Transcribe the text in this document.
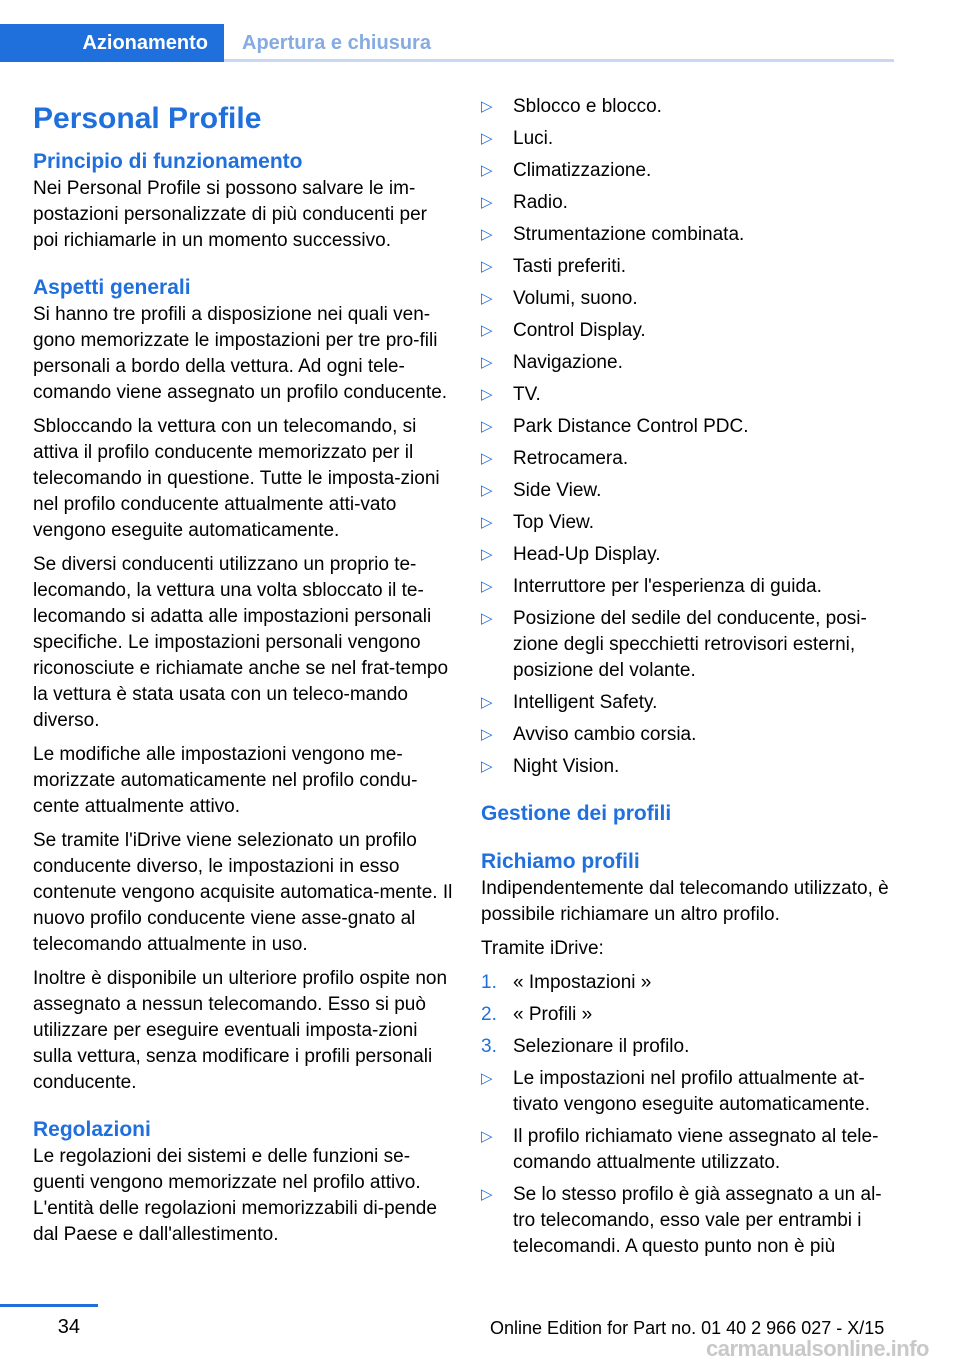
Azionamento	Apertura e chiusura
Personal Profile
Principio di funzionamento

Nei Personal Profile si possono salvare le im-postazioni personalizzate di più conducenti per poi richiamarle in un momento successivo.

Aspetti generali

Si hanno tre profili a disposizione nei quali ven-gono memorizzate le impostazioni per tre pro-fili personali a bordo della vettura. Ad ogni tele-comando viene assegnato un profilo conducente.

Sbloccando la vettura con un telecomando, si attiva il profilo conducente memorizzato per il telecomando in questione. Tutte le imposta-zioni nel profilo conducente attualmente atti-vato vengono eseguite automaticamente.

Se diversi conducenti utilizzano un proprio te-lecomando, la vettura una volta sbloccato il te-lecomando si adatta alle impostazioni personali specifiche. Le impostazioni personali vengono riconosciute e richiamate anche se nel frat-tempo la vettura è stata usata con un teleco-mando diverso.

Le modifiche alle impostazioni vengono me-morizzate automaticamente nel profilo condu-cente attualmente attivo.

Se tramite l'iDrive viene selezionato un profilo conducente diverso, le impostazioni in esso contenute vengono acquisite automatica-mente. Il nuovo profilo conducente viene asse-gnato al telecomando attualmente in uso.

Inoltre è disponibile un ulteriore profilo ospite non assegnato a nessun telecomando. Esso si può utilizzare per eseguire eventuali imposta-zioni sulla vettura, senza modificare i profili personali conducente.

Regolazioni

Le regolazioni dei sistemi e delle funzioni se-guenti vengono memorizzate nel profilo attivo. L'entità delle regolazioni memorizzabili di-pende dal Paese e dall'allestimento.

▷ Sblocco e blocco.
▷ Luci.
▷ Climatizzazione.
▷ Radio.
▷ Strumentazione combinata.
▷ Tasti preferiti.
▷ Volumi, suono.
▷ Control Display.
▷ Navigazione.
▷ TV.
▷ Park Distance Control PDC.
▷ Retrocamera.
▷ Side View.
▷ Top View.
▷ Head-Up Display.
▷ Interruttore per l'esperienza di guida.
▷ Posizione del sedile del conducente, posi-zione degli specchietti retrovisori esterni, posizione del volante.
▷ Intelligent Safety.
▷ Avviso cambio corsia.
▷ Night Vision.
Gestione dei profili
Richiamo profili

Indipendentemente dal telecomando utilizzato, è possibile richiamare un altro profilo.

Tramite iDrive:

1. « Impostazioni »
2. « Profili »
3. Selezionare il profilo.
▷ Le impostazioni nel profilo attualmente at-tivato vengono eseguite automaticamente.
▷ Il profilo richiamato viene assegnato al tele-comando attualmente utilizzato.
▷ Se lo stesso profilo è già assegnato a un al-tro telecomando, esso vale per entrambi i telecomandi. A questo punto non è più
34	Online Edition for Part no. 01 40 2 966 027 - X/15
carmanualsonline.info
